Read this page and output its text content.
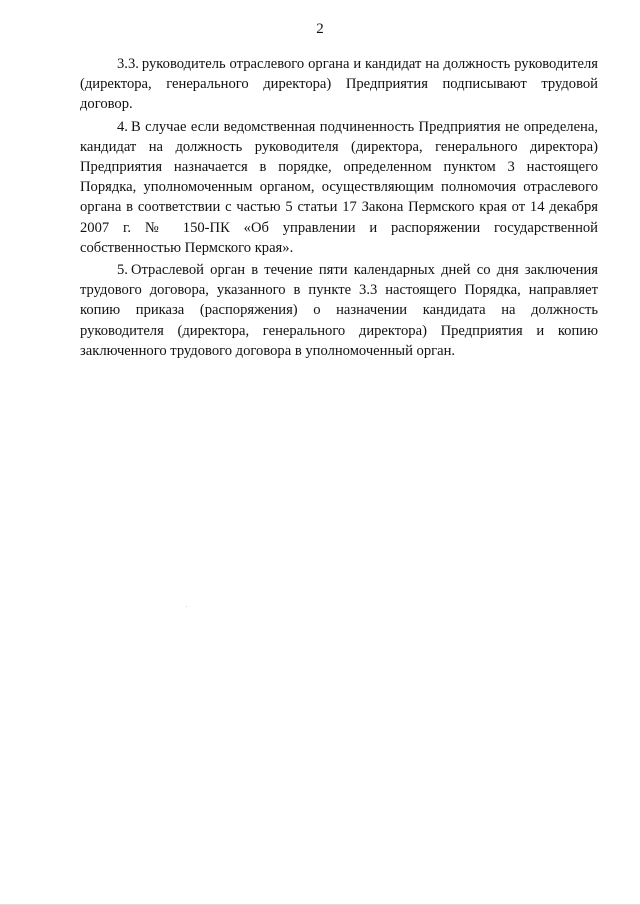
2

3.3. руководитель отраслевого органа и кандидат на должность руководителя (директора, генерального директора) Предприятия подписывают трудовой договор.

4. В случае если ведомственная подчиненность Предприятия не определена, кандидат на должность руководителя (директора, генерального директора) Предприятия назначается в порядке, определенном пунктом 3 настоящего Порядка, уполномоченным органом, осуществляющим полномочия отраслевого органа в соответствии с частью 5 статьи 17 Закона Пермского края от 14 декабря 2007 г. № 150-ПК «Об управлении и распоряжении государственной собственностью Пермского края».

5. Отраслевой орган в течение пяти календарных дней со дня заключения трудового договора, указанного в пункте 3.3 настоящего Порядка, направляет копию приказа (распоряжения) о назначении кандидата на должность руководителя (директора, генерального директора) Предприятия и копию заключенного трудового договора в уполномоченный орган.
